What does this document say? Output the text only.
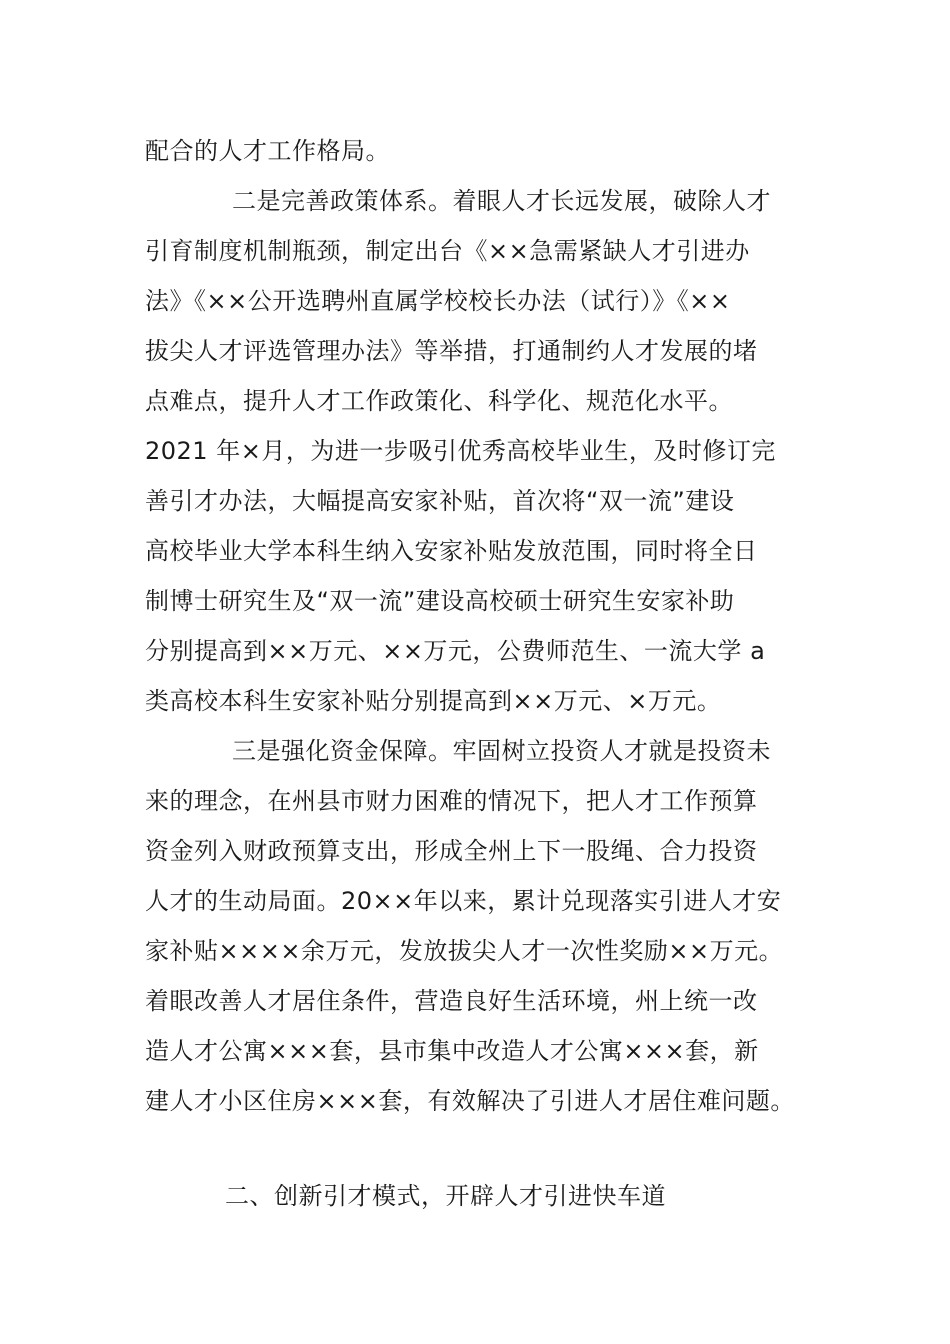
配合的人才工作格局。
二是完善政策体系。着眼人才长远发展，破除人才
引育制度机制瓶颈，制定出台《××急需紧缺人才引进办
法》《××公开选聘州直属学校校长办法（试行）》《××
拔尖人才评选管理办法》等举措，打通制约人才发展的堵
点难点，提升人才工作政策化、科学化、规范化水平。
2021 年×月，为进一步吸引优秀高校毕业生，及时修订完
善引才办法，大幅提高安家补贴，首次将“双一流”建设
高校毕业大学本科生纳入安家补贴发放范围，同时将全日
制博士研究生及“双一流”建设高校硕士研究生安家补助
分别提高到××万元、××万元，公费师范生、一流大学 a
类高校本科生安家补贴分别提高到××万元、×万元。
三是强化资金保障。牢固树立投资人才就是投资未
来的理念，在州县市财力困难的情况下，把人才工作预算
资金列入财政预算支出，形成全州上下一股绳、合力投资
人才的生动局面。20××年以来，累计兑现落实引进人才安
家补贴××××余万元，发放拔尖人才一次性奖励××万元。
着眼改善人才居住条件，营造良好生活环境，州上统一改
造人才公寓×××套，县市集中改造人才公寓×××套，新
建人才小区住房×××套，有效解决了引进人才居住难问题。
二、创新引才模式，开辟人才引进快车道
